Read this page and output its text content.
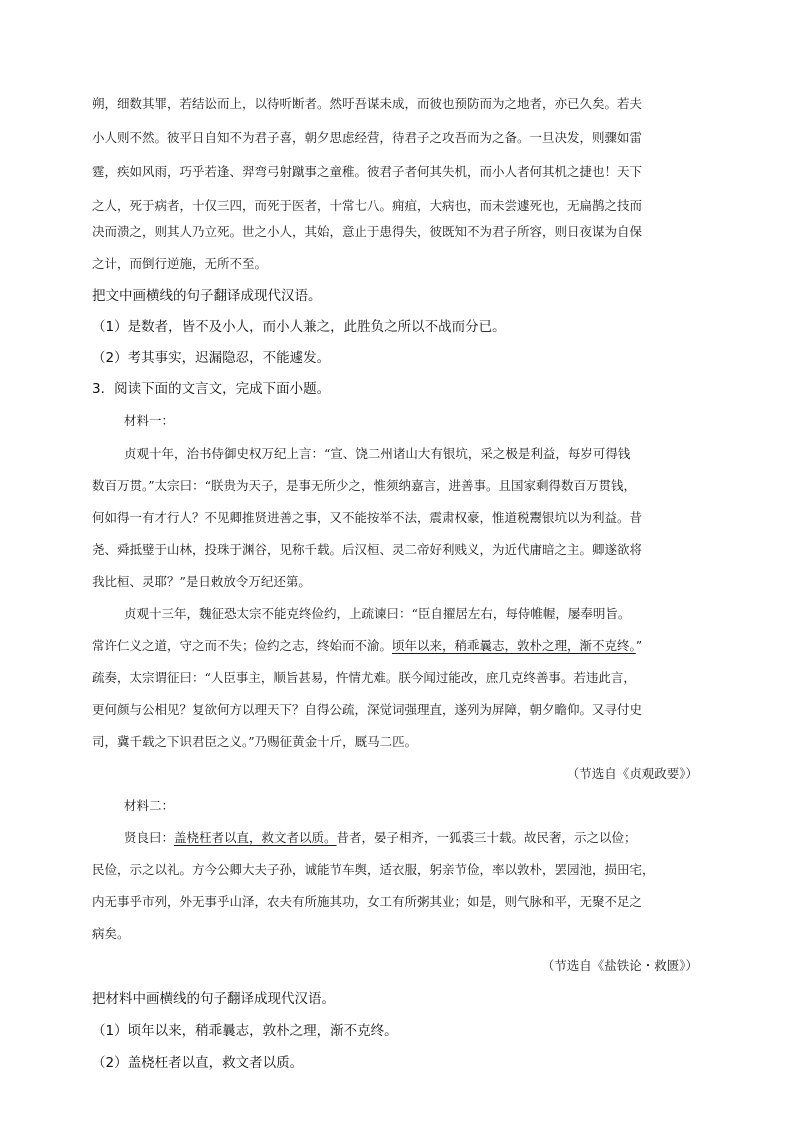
朔，细数其罪，若结讼而上，以待听断者。然吁吾谋未成，而彼也预防而为之地者，亦已久矣。若夫
小人则不然。彼平日自知不为君子喜，朝夕思虑经营，待君子之攻吾而为之备。一旦决发，则骤如雷
霆，疾如风雨，巧乎若逢、羿弯弓射蹴事之童稚。彼君子者何其失机，而小人者何其机之捷也！天下
之人，死于病者，十仅三四，而死于医者，十常七八。痈疽，大病也，而未尝遽死也，无扁鹊之技而
决而溃之，则其人乃立死。世之小人，其始，意止于患得失，彼既知不为君子所容，则日夜谋为自保
之计，而倒行逆施，无所不至。
把文中画横线的句子翻译成现代汉语。
（1）是数者，皆不及小人，而小人兼之，此胜负之所以不战而分已。
（2）考其事实，迟漏隐忍，不能遽发。
3．阅读下面的文言文，完成下面小题。
材料一：
贞观十年，治书侍御史权万纪上言：“宣、饶二州诸山大有银坑，采之极是利益，每岁可得钱
数百万贯。”太宗曰：“朕贵为天子，是事无所少之，惟须纳嘉言，进善事。且国家剩得数百万贯钱，
何如得一有才行人？不见卿推贤进善之事，又不能按举不法，震肃权豪，惟道税鬻银坑以为利益。昔
尧、舜抵璧于山林，投珠于渊谷，见称千载。后汉桓、灵二帝好利贱义，为近代庸暗之主。卿遂欲将
我比桓、灵耶？”是日敕放令万纪还第。
贞观十三年，魏征恐太宗不能克终俭约，上疏谏曰：“臣自擢居左右，每侍帷幄，屡奉明旨。
常许仁义之道，守之而不失；俭约之志，终始而不渝。顷年以来，稍乖曩志，敦朴之理，渐不克终。”
疏奏，太宗谓征曰：“人臣事主，顺旨甚易，忤情尤难。朕今闻过能改，庶几克终善事。若违此言，
更何颜与公相见？复欲何方以理天下？自得公疏，深觉词强理直，遂列为屏障，朝夕瞻仰。又寻付史
司，冀千载之下识君臣之义。”乃赐征黄金十斤，厩马二匹。
（节选自《贞观政要》）
材料二：
贤良曰：盖桡枉者以直，救文者以质。昔者，晏子相齐，一狐裘三十载。故民奢，示之以俭；
民俭，示之以礼。方今公卿大夫子孙，诚能节车舆，适衣服，躬亲节俭，率以敦朴，罢园池，损田宅，
内无事乎市列，外无事乎山泽，农夫有所施其功，女工有所粥其业；如是，则气脉和平，无聚不足之
病矣。
（节选自《盐铁论・救匮》）
把材料中画横线的句子翻译成现代汉语。
（1）顷年以来，稍乖曩志，敦朴之理，渐不克终。
（2）盖桡枉者以直，救文者以质。
